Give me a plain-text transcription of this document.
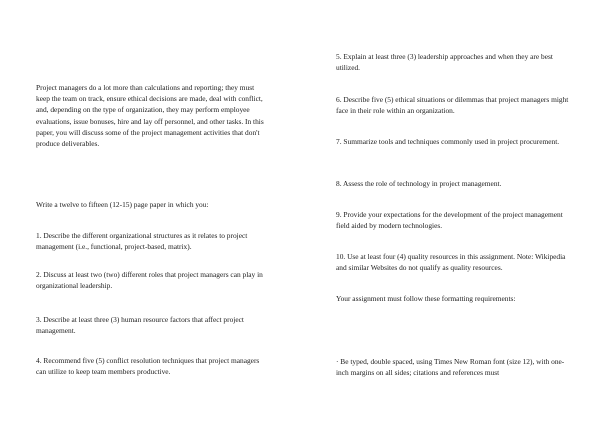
Project managers do a lot more than calculations and reporting; they must keep the team on track, ensure ethical decisions are made, deal with conflict, and, depending on the type of organization, they may perform employee evaluations, issue bonuses, hire and lay off personnel, and other tasks. In this paper, you will discuss some of the project management activities that don't produce deliverables.

Write a twelve to fifteen (12-15) page paper in which you:

1. Describe the different organizational structures as it relates to project management (i.e., functional, project-based, matrix).

2. Discuss at least two (two) different roles that project managers can play in organizational leadership.

3. Describe at least three (3) human resource factors that affect project management.

4. Recommend five (5) conflict resolution techniques that project managers can utilize to keep team members productive.

5. Explain at least three (3) leadership approaches and when they are best utilized.

6. Describe five (5) ethical situations or dilemmas that project managers might face in their role within an organization.

7. Summarize tools and techniques commonly used in project procurement.

8. Assess the role of technology in project management.

9. Provide your expectations for the development of the project management field aided by modern technologies.

10. Use at least four (4) quality resources in this assignment. Note: Wikipedia and similar Websites do not qualify as quality resources.

Your assignment must follow these formatting requirements:

· Be typed, double spaced, using Times New Roman font (size 12), with one-inch margins on all sides; citations and references must
